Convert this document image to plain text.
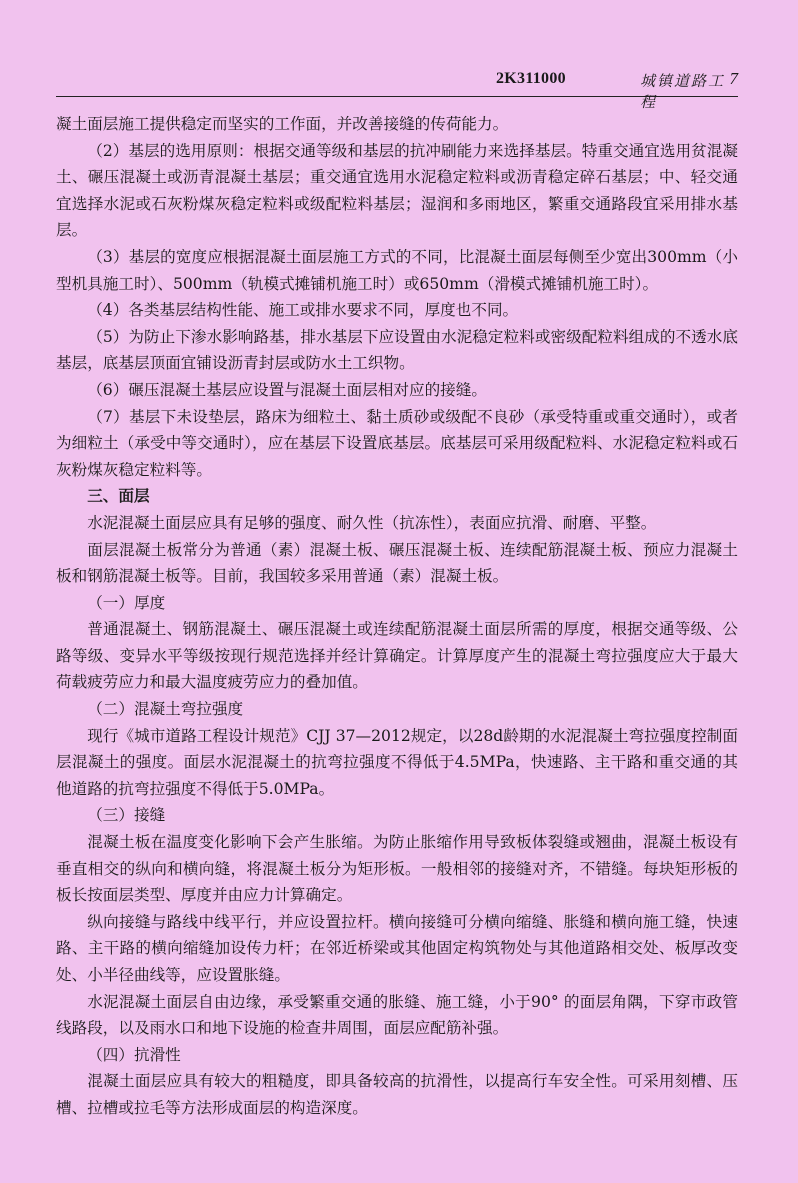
2K311000	城镇道路工程
7

凝土面层施工提供稳定而坚实的工作面，并改善接缝的传荷能力。

（2）基层的选用原则：根据交通等级和基层的抗冲刷能力来选择基层。特重交通宜选用贫混凝土、碾压混凝土或沥青混凝土基层；重交通宜选用水泥稳定粒料或沥青稳定碎石基层；中、轻交通宜选择水泥或石灰粉煤灰稳定粒料或级配粒料基层；湿润和多雨地区，繁重交通路段宜采用排水基层。

（3）基层的宽度应根据混凝土面层施工方式的不同，比混凝土面层每侧至少宽出300mm（小型机具施工时）、500mm（轨模式摊铺机施工时）或650mm（滑模式摊铺机施工时）。

（4）各类基层结构性能、施工或排水要求不同，厚度也不同。

（5）为防止下渗水影响路基，排水基层下应设置由水泥稳定粒料或密级配粒料组成的不透水底基层，底基层顶面宜铺设沥青封层或防水土工织物。

（6）碾压混凝土基层应设置与混凝土面层相对应的接缝。

（7）基层下未设垫层，路床为细粒土、黏土质砂或级配不良砂（承受特重或重交通时），或者为细粒土（承受中等交通时），应在基层下设置底基层。底基层可采用级配粒料、水泥稳定粒料或石灰粉煤灰稳定粒料等。

三、面层

水泥混凝土面层应具有足够的强度、耐久性（抗冻性），表面应抗滑、耐磨、平整。

面层混凝土板常分为普通（素）混凝土板、碾压混凝土板、连续配筋混凝土板、预应力混凝土板和钢筋混凝土板等。目前，我国较多采用普通（素）混凝土板。

（一）厚度

普通混凝土、钢筋混凝土、碾压混凝土或连续配筋混凝土面层所需的厚度，根据交通等级、公路等级、变异水平等级按现行规范选择并经计算确定。计算厚度产生的混凝土弯拉强度应大于最大荷载疲劳应力和最大温度疲劳应力的叠加值。

（二）混凝土弯拉强度

现行《城市道路工程设计规范》CJJ 37—2012规定，以28d龄期的水泥混凝土弯拉强度控制面层混凝土的强度。面层水泥混凝土的抗弯拉强度不得低于4.5MPa，快速路、主干路和重交通的其他道路的抗弯拉强度不得低于5.0MPa。

（三）接缝

混凝土板在温度变化影响下会产生胀缩。为防止胀缩作用导致板体裂缝或翘曲，混凝土板设有垂直相交的纵向和横向缝，将混凝土板分为矩形板。一般相邻的接缝对齐，不错缝。每块矩形板的板长按面层类型、厚度并由应力计算确定。

纵向接缝与路线中线平行，并应设置拉杆。横向接缝可分横向缩缝、胀缝和横向施工缝，快速路、主干路的横向缩缝加设传力杆；在邻近桥梁或其他固定构筑物处与其他道路相交处、板厚改变处、小半径曲线等，应设置胀缝。

水泥混凝土面层自由边缘，承受繁重交通的胀缝、施工缝，小于90° 的面层角隅，下穿市政管线路段，以及雨水口和地下设施的检查井周围，面层应配筋补强。

（四）抗滑性

混凝土面层应具有较大的粗糙度，即具备较高的抗滑性，以提高行车安全性。可采用刻槽、压槽、拉槽或拉毛等方法形成面层的构造深度。
